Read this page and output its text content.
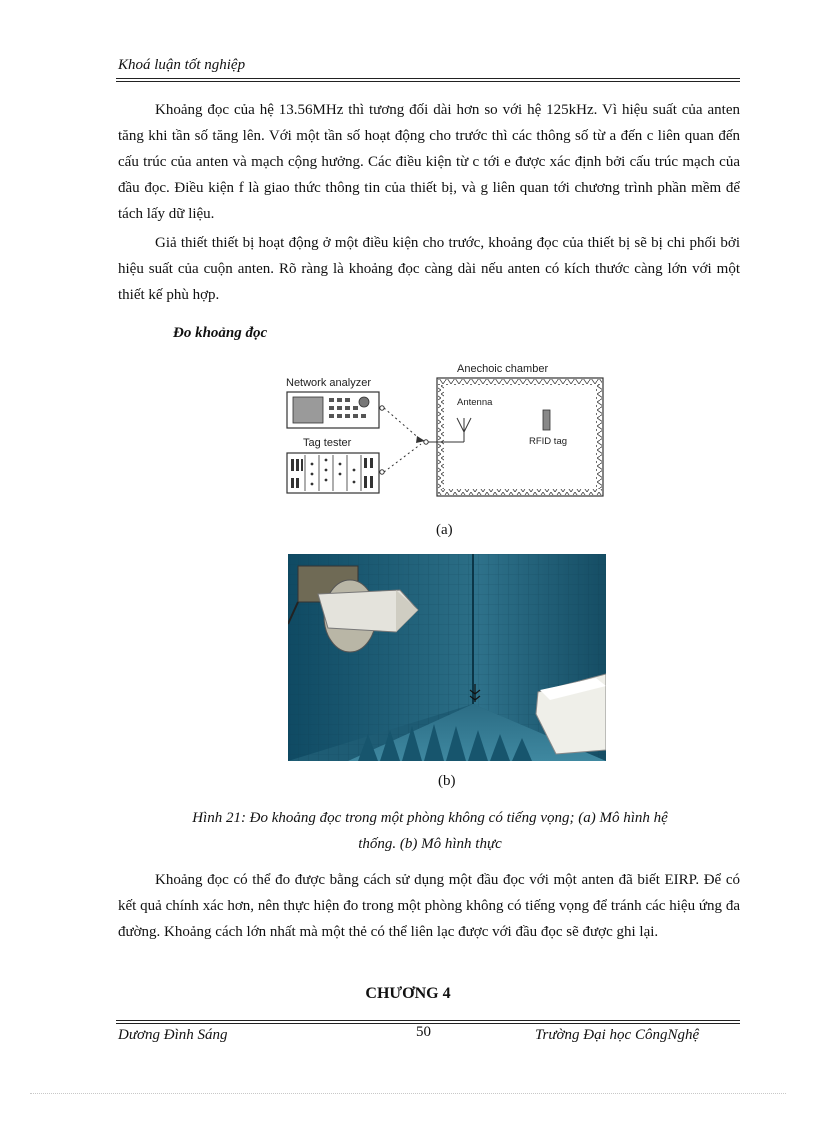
Khoá luận tốt nghiệp

Khoảng đọc của hệ 13.56MHz thì tương đối dài hơn so với hệ 125kHz. Vì hiệu suất của anten tăng khi tần số tăng lên. Với một tần số hoạt động cho trước thì các thông số từ a đến c liên quan đến cấu trúc của anten và mạch cộng hưởng. Các điều kiện từ c tới e được xác định bởi cấu trúc mạch của đầu đọc. Điều kiện f là giao thức thông tin của thiết bị, và g liên quan tới chương trình phần mềm để tách lấy dữ liệu.

Giả thiết thiết bị hoạt động ở một điều kiện cho trước, khoảng đọc của thiết bị sẽ bị chi phối bởi hiệu suất của cuộn anten. Rõ ràng là khoảng đọc càng dài nếu anten có kích thước càng lớn với một thiết kế phù hợp.

Đo khoảng đọc
Network analyzer
Tag tester
Anechoic chamber
Antenna
RFID tag
(a)
(b)
Hình 21: Đo khoảng đọc trong một phòng không có tiếng vọng; (a) Mô hình hệ
thống. (b) Mô hình thực

Khoảng đọc có thể đo được bằng cách sử dụng một đầu đọc với một anten đã biết EIRP. Để có kết quả chính xác hơn, nên thực hiện đo trong một phòng không có tiếng vọng để tránh các hiệu ứng đa đường. Khoảng cách lớn nhất mà một thẻ có thể liên lạc được với đầu đọc sẽ được ghi lại.

CHƯƠNG 4
Dương Đình Sáng	50	Trường Đại học CôngNghệ
